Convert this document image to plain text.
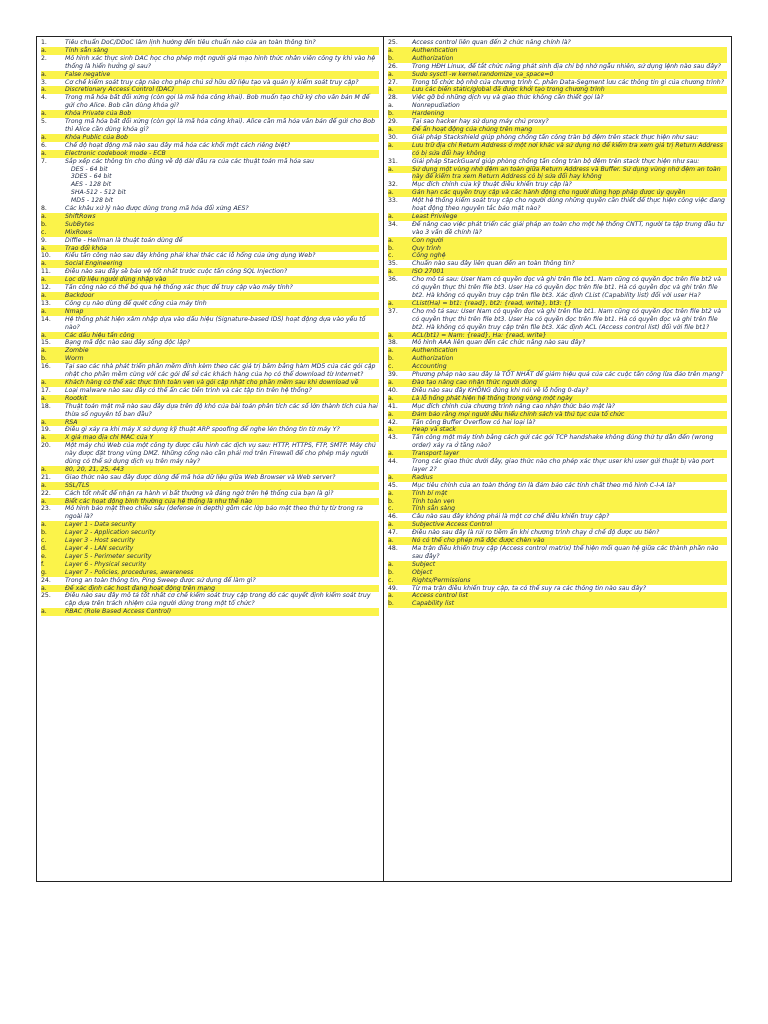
1.	Tiêu chuẩn DoC/DDoC lâm lịnh hướng đến tiêu chuẩn nào của an toàn thông tin?
a.	Tính sẵn sàng
2.	Mô hình xác thực sinh DAC học cho phép một người giả mạo hình thức nhân viên công ty khi vào hệ thống là hiển hưởng gì sau?
a.	False negative
3.	Cơ chế kiểm soát truy cập nào cho phép chủ sở hữu dữ liệu tạo và quản lý kiểm soát truy cập?
a.	Discretionary Access Control (DAC)
4.	Trong mã hóa bất đối xứng (còn gọi là mã hóa công khai). Bob muốn tạo chữ ký cho văn bản M để gửi cho Alice. Bob cần dùng khóa gì?
a.	Khóa Private của Bob
5.	Trong mã hóa bất đối xứng (còn gọi là mã hóa công khai). Alice cần mã hóa văn bản để gửi cho Bob thì Alice cần dùng khóa gì?
a.	Khóa Public của Bob
6.	Chế độ hoạt động mã nào sau đây mã hóa các khối một cách riêng biệt?
a.	Electronic codebook mode - ECB
7.	Sắp xếp các thông tin cho đúng về độ dài đầu ra của các thuật toán mã hóa sau
DES - 64 bit
3DES - 64 bit
AES - 128 bit
SHA-512 - 512 bit
MD5 - 128 bit
8.	Các khâu xử lý nào được dùng trong mã hóa đối xứng AES?
a.	ShiftRows
b.	SubBytes
c.	MixRows
9.	Diffie - Hellman là thuật toán dùng để
a.	Trao đổi khóa
10.	Kiểu tấn công nào sau đây không phải khai thác các lỗ hổng của ứng dụng Web?
a.	Social Engineering
11.	Điều nào sau đây sẽ bảo vệ tốt nhất trước cuộc tấn công SQL Injection?
a.	Lọc dữ liệu người dùng nhập vào
12.	Tấn công nào có thể bỏ qua hệ thống xác thực để truy cập vào máy tính?
a.	Backdoor
13.	Công cụ nào dùng để quét cổng của máy tính
a.	Nmap
14.	Hệ thống phát hiện xâm nhập dựa vào dấu hiệu (Signature-based IDS) hoạt động dựa vào yếu tố nào?
a.	Các dấu hiệu tấn công
15.	Bạng mã độc nào sau đây sống độc lập?
a.	Zombie
b.	Worm
16.	Tại sao các nhà phát triển phần mềm đính kèm theo các giá trị băm bằng hàm MD5 của các gói cập nhật cho phần mềm cùng với các gói để sở các khách hàng của họ có thể download từ Internet?
a.	Khách hàng có thể xác thực tính toàn vẹn và gói cập nhật cho phần mềm sau khi download về
17.	Loại malware nào sau đây có thể ẩn các tiến trình và các tập tin trên hệ thống?
a.	Rootkit
18.	Thuật toán mật mã nào sau đây dựa trên độ khó của bài toán phân tích các số lớn thành tích của hai thừa số nguyên tố ban đầu?
a.	RSA
19.	Điều gì xảy ra khi máy X sử dụng kỹ thuật ARP spoofing để nghe lén thông tin từ máy Y?
a.	X giả mạo địa chỉ MAC của Y
20.	Một máy chủ Web của một công ty được cấu hình các dịch vụ sau: HTTP, HTTPS, FTP, SMTP. Máy chủ này được đặt trong vùng DMZ. Những cổng nào cần phải mở trên Firewall để cho phép máy người dùng có thể sử dụng dịch vụ trên máy này?
a.	80, 20, 21, 25, 443
21.	Giao thức nào sau đây được dùng để mã hóa dữ liệu giữa Web Browser và Web server?
a.	SSL/TLS
22.	Cách tốt nhất để nhận ra hành vi bất thường và đáng ngờ trên hệ thống của bạn là gì?
a.	Biết các hoạt động bình thường của hệ thống là như thế nào
23.	Mô hình bảo mật theo chiều sâu (defense in depth) gồm các lớp bảo mật theo thứ tự từ trong ra ngoài là?
a.	Layer 1 - Data security
b.	Layer 2 - Application security
c.	Layer 3 - Host security
d.	Layer 4 - LAN security
e.	Layer 5 - Perimeter security
f.	Layer 6 - Physical security
g.	Layer 7 - Policies, procedures, awareness
24.	Trong an toàn thông tin, Ping Sweep được sử dụng để làm gì?
a.	Để xác định các host đang hoạt động trên mạng
25.	Điều nào sau đây mô tả tốt nhất cơ chế kiểm soát truy cập trong đó các quyết định kiểm soát truy cập dựa trên trách nhiệm của người dùng trong một tổ chức?
a.	RBAC (Role Based Access Control)
25.	Access control liên quan đến 2 chức năng chính là?
a.	Authentication
b.	Authorization
26.	Trong HĐH Linux, để tắt chức năng phát sinh địa chỉ bộ nhớ ngẫu nhiên, sử dụng lệnh nào sau đây?
a.	Sudo sysctl -w kernel.randomize_va_space=0
27.	Trong tổ chức bộ nhớ của chương trình C, phân Data-Segment lưu các thông tin gì của chương trình?
a.	Lưu các biến static/global đã được khởi tạo trong chương trình
28.	Việc gỡ bỏ những dịch vụ và giao thức không cần thiết gọi là?
a.	Nonrepudiation
b.	Hardening
29.	Tại sao hacker hay sử dụng máy chủ proxy?
a.	Để ẩn hoạt động của chúng trên mạng
30.	Giải pháp Stackshield giúp phòng chống tấn công tràn bộ đệm trên stack thực hiện như sau:
a.	Lưu trữ địa chỉ Return Address ở một nơi khác và sử dụng nó để kiểm tra xem giá trị Return Address có bị sửa đổi hay không
31.	Giải pháp StackGuard giúp phòng chống tấn công tràn bộ đệm trên stack thực hiện như sau:
a.	Sử dụng một vùng nhớ đệm an toàn giữa Return Address và Buffer. Sử dụng vùng nhớ đệm an toàn này để kiểm tra xem Return Address có bị sửa đổi hay không
32.	Mục đích chính của kỹ thuật điều khiển truy cập là?
a.	Gán hạn các quyền truy cập và các hành động cho người dùng hợp pháp được ủy quyền
33.	Một hệ thống kiểm soát truy cập cho người dùng những quyền cần thiết để thực hiện công việc đang hoạt động theo nguyên tắc bảo mật nào?
a.	Least Privilege
34.	Để nâng cao việc phát triển các giải pháp an toàn cho một hệ thống CNTT, người ta tập trung đầu tư vào 3 vấn đề chính là?
a.	Con người
b.	Quy trình
c.	Công nghệ
35.	Chuẩn nào sau đây liên quan đến an toàn thông tin?
a.	ISO 27001
36.	Cho mô tả sau: User Nam có quyền đọc và ghi trên file bt1. Nam cũng có quyền đọc trên file bt2 và có quyền thực thi trên file bt3. User Ha có quyền đọc trên file bt1. Hà có quyền đọc và ghi trên file bt2. Hà không có quyền truy cập trên file bt3. Xác định CList (Capability list) đối với user Ha?
a.	CList(Ha) = bt1: {read}, bt2: {read, write}, bt3: {}
37.	Cho mô tả sau: User Nam có quyền đọc và ghi trên file bt1. Nam cũng có quyền đọc trên file bt2 và có quyền thực thi trên file bt3. User Ha có quyền đọc trên file bt1. Hà có quyền đọc và ghi trên file bt2. Hà không có quyền truy cập trên file bt3. Xác định ACL (Access control list) đối với file bt1?
a.	ACL(bt1) = Nam: {read}, Ha: {read, write}
38.	Mô hình AAA liên quan đến các chức năng nào sau đây?
a.	Authentication
b.	Authorization
c.	Accounting
39.	Phương pháp nào sau đây là TỐT NHẤT để giảm hiệu quả của các cuộc tấn công lừa đảo trên mạng?
a.	Đào tạo nâng cao nhận thức người dùng
40.	Điều nào sau đây KHÔNG đúng khi nói về lỗ hổng 0-day?
a.	Là lỗ hổng phát hiện hệ thống trong vòng một ngày
41.	Mục đích chính của chương trình nâng cao nhận thức bảo mật là?
a.	Đảm bảo rằng mọi người đều hiểu chính sách và thủ tục của tổ chức
42.	Tấn công Buffer Overflow có hai loại là?
a.	Heap và stack
43.	Tấn công một máy tính bằng cách gửi các gói TCP handshake không đúng thứ tự dẫn đến (wrong order) xảy ra ở tầng nào?
a.	Transport layer
44.	Trong các giao thức dưới đây, giao thức nào cho phép xác thực user khi user gửi thuật bị vào port layer 2?
a.	Radius
45.	Mục tiêu chính của an toàn thông tin là đảm bảo các tính chất theo mô hình C-I-A là?
a.	Tính bí mật
b.	Tính toàn vẹn
c.	Tính sẵn sàng
46.	Câu nào sau đây không phải là một cơ chế điều khiển truy cập?
a.	Subjective Access Control
47.	Điều nào sau đây là rủi ro tiềm ẩn khi chương trình chạy ở chế độ được ưu tiên?
a.	Nó có thể cho phép mã độc được chèn vào
48.	Ma trận điều khiển truy cập (Access control matrix) thể hiện mối quan hệ giữa các thành phần nào sau đây?
a.	Subject
b.	Object
c.	Rights/Permissions
49.	Từ ma trận điều khiển truy cập, ta có thể suy ra các thông tin nào sau đây?
a.	Access control list
b.	Capability list
